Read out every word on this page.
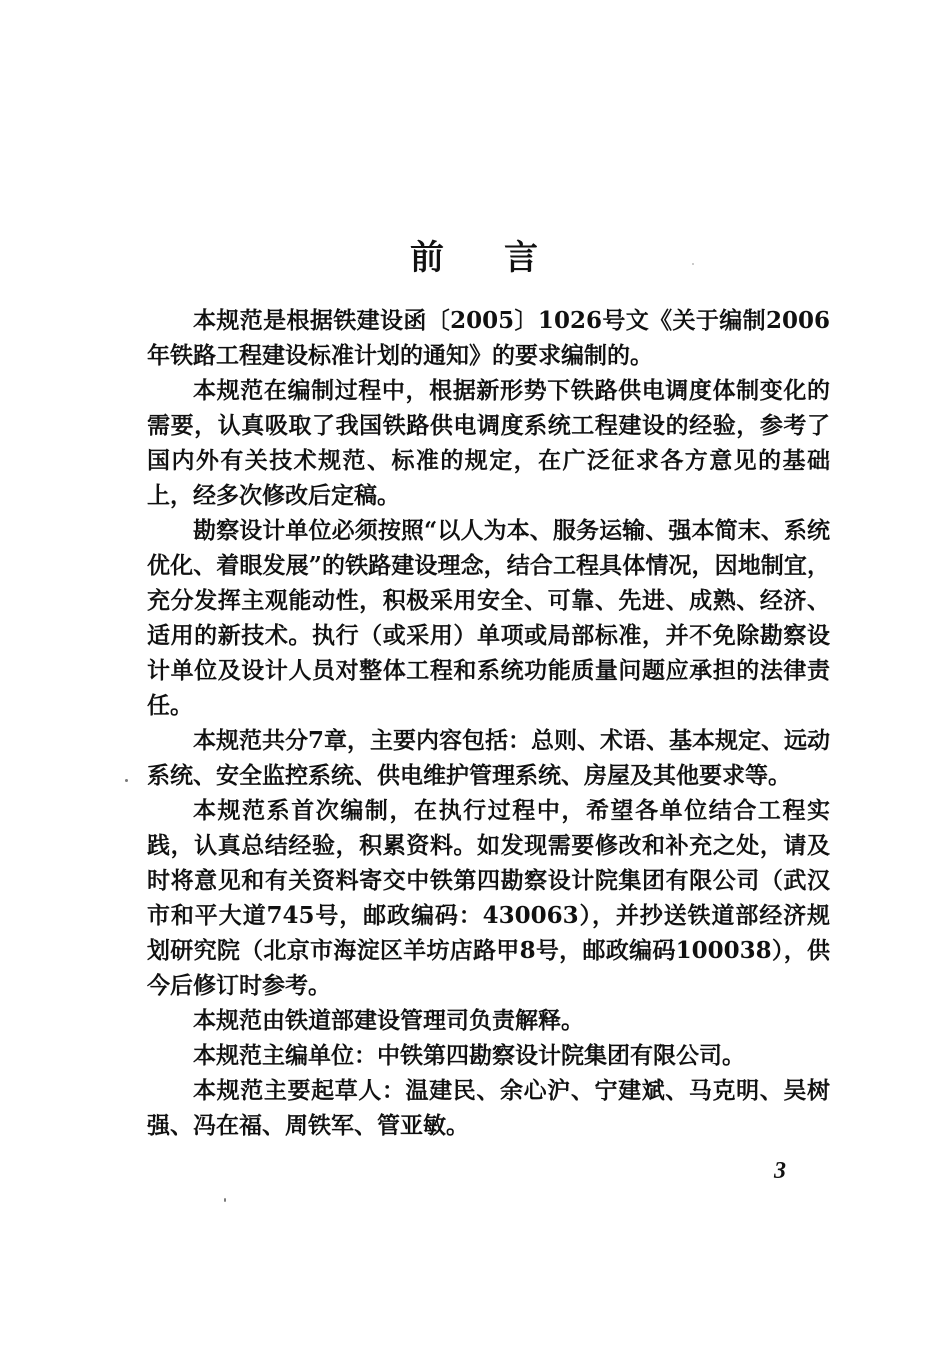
前 言

本规范是根据铁建设函〔2005〕1026号文《关于编制2006年铁路工程建设标准计划的通知》的要求编制的。

本规范在编制过程中，根据新形势下铁路供电调度体制变化的需要，认真吸取了我国铁路供电调度系统工程建设的经验，参考了国内外有关技术规范、标准的规定，在广泛征求各方意见的基础上，经多次修改后定稿。

勘察设计单位必须按照“以人为本、服务运输、强本简末、系统优化、着眼发展”的铁路建设理念，结合工程具体情况，因地制宜，充分发挥主观能动性，积极采用安全、可靠、先进、成熟、经济、适用的新技术。执行（或采用）单项或局部标准，并不免除勘察设计单位及设计人员对整体工程和系统功能质量问题应承担的法律责任。

本规范共分7章，主要内容包括：总则、术语、基本规定、远动系统、安全监控系统、供电维护管理系统、房屋及其他要求等。

本规范系首次编制，在执行过程中，希望各单位结合工程实践，认真总结经验，积累资料。如发现需要修改和补充之处，请及时将意见和有关资料寄交中铁第四勘察设计院集团有限公司（武汉市和平大道745号，邮政编码：430063），并抄送铁道部经济规划研究院（北京市海淀区羊坊店路甲8号，邮政编码100038），供今后修订时参考。

本规范由铁道部建设管理司负责解释。

本规范主编单位：中铁第四勘察设计院集团有限公司。

本规范主要起草人：温建民、余心沪、宁建斌、马克明、吴树强、冯在福、周铁军、管亚敏。

3
